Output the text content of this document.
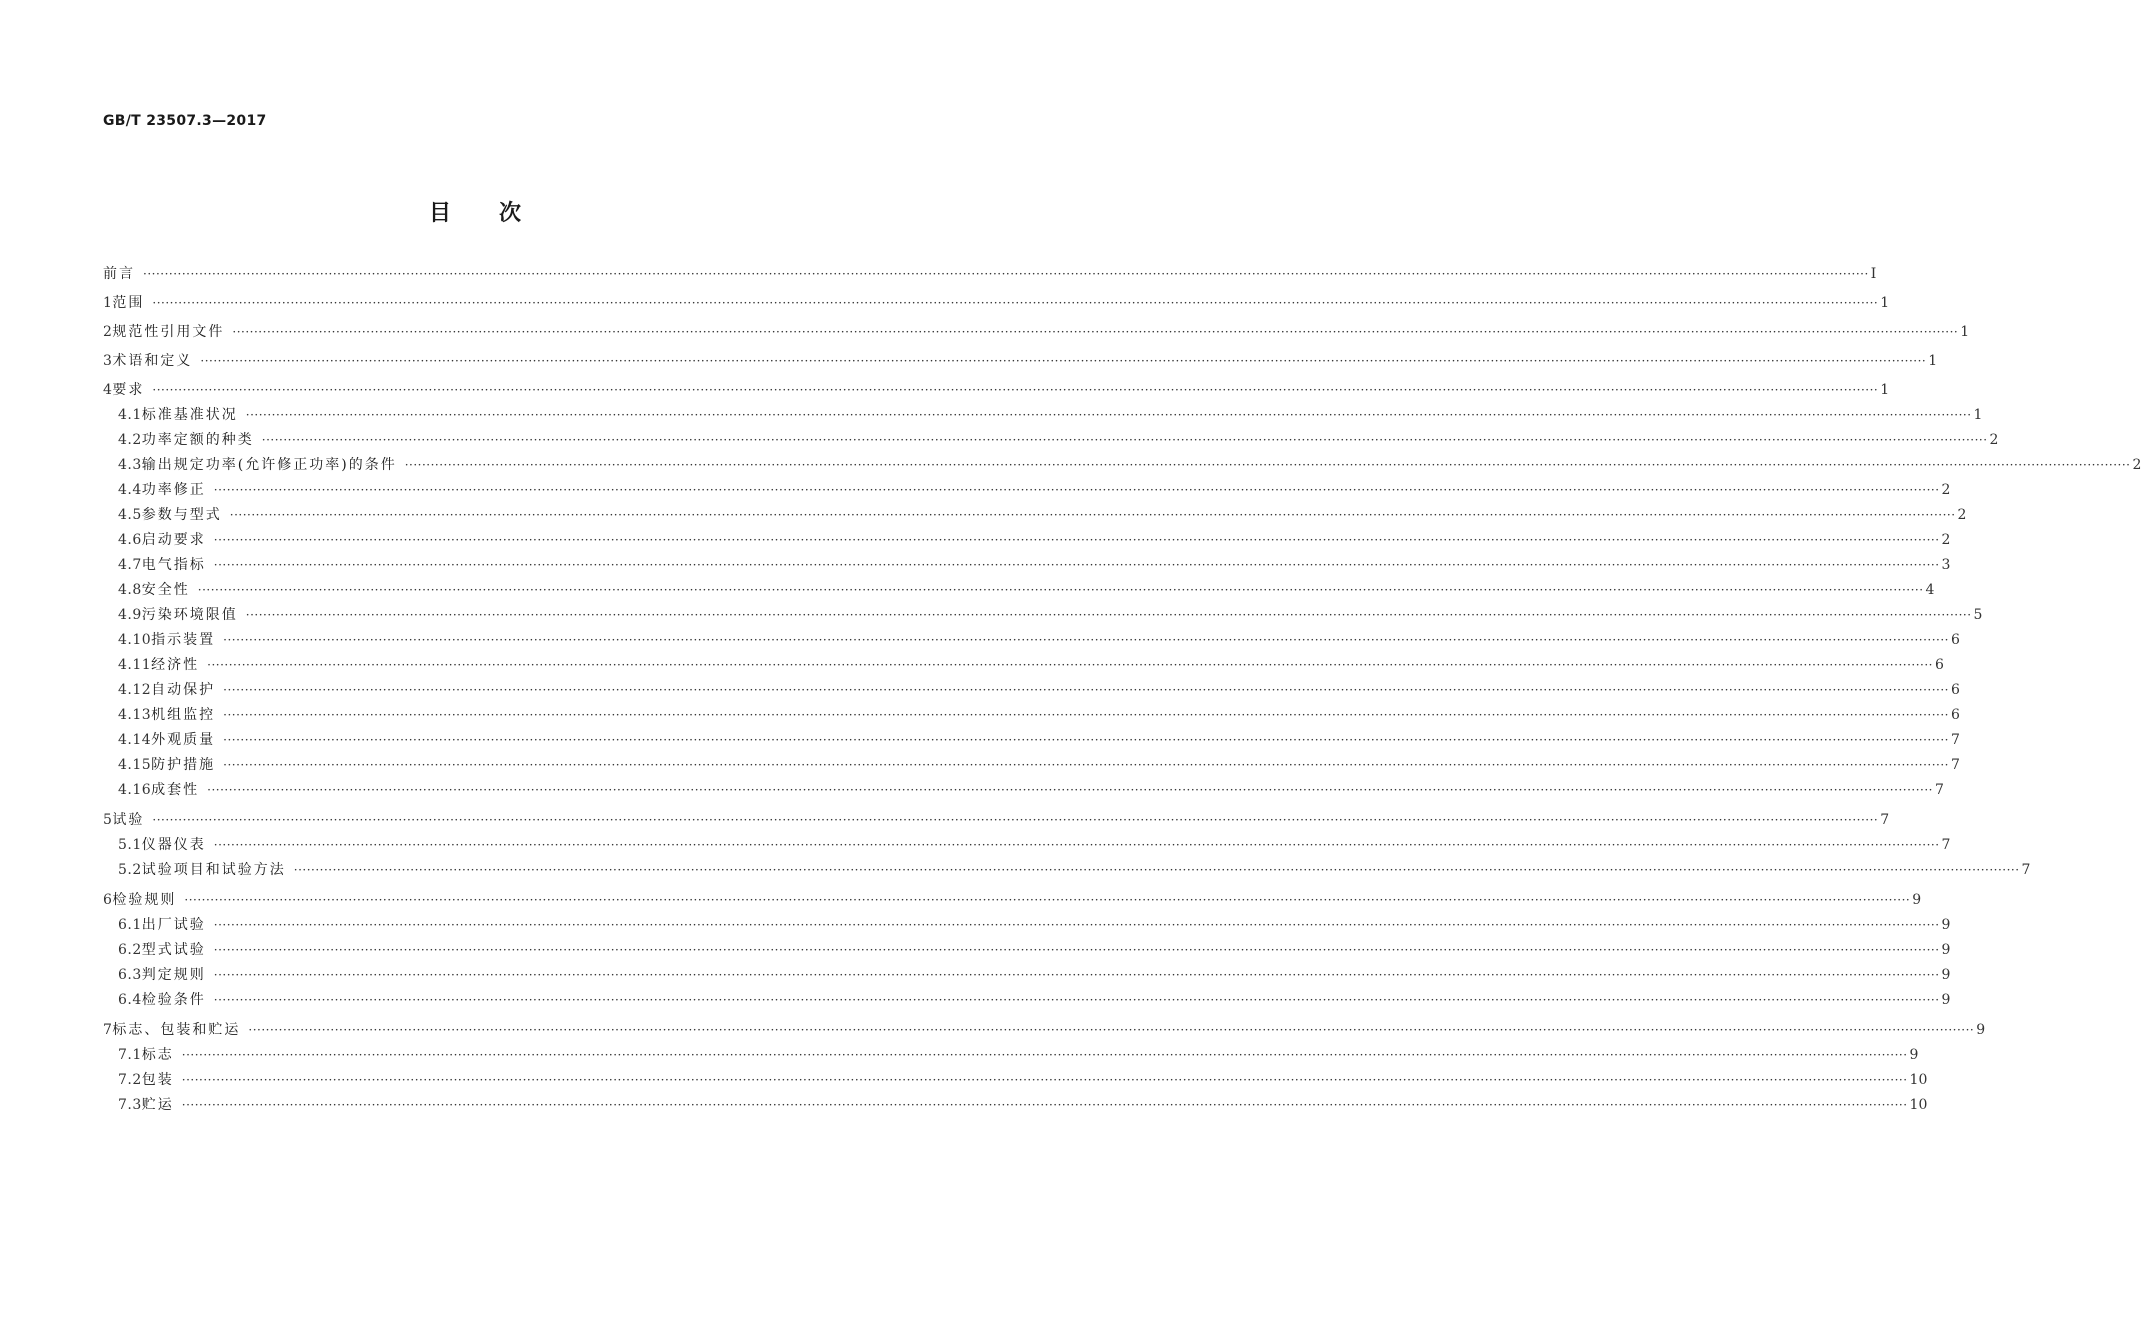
GB/T 23507.3—2017
目次
前言 ················································································································································································································································································································································································································ Ⅰ
1 范围 ················································································································································································································································································································································································································ 1
2 规范性引用文件 ················································································································································································································································································································································································································ 1
3 术语和定义 ················································································································································································································································································································································································································ 1
4 要求 ················································································································································································································································································································································································································ 1
4.1 标准基准状况 ················································································································································································································································································································································································································ 1
4.2 功率定额的种类 ················································································································································································································································································································································································································ 2
4.3 输出规定功率(允许修正功率)的条件 ················································································································································································································································································································································································································ 2
4.4 功率修正 ················································································································································································································································································································································································································ 2
4.5 参数与型式 ················································································································································································································································································································································································································ 2
4.6 启动要求 ················································································································································································································································································································································································································ 2
4.7 电气指标 ················································································································································································································································································································································································································ 3
4.8 安全性 ················································································································································································································································································································································································································ 4
4.9 污染环境限值 ················································································································································································································································································································································································································ 5
4.10 指示装置 ················································································································································································································································································································································································································ 6
4.11 经济性 ················································································································································································································································································································································································································ 6
4.12 自动保护 ················································································································································································································································································································································································································ 6
4.13 机组监控 ················································································································································································································································································································································································································ 6
4.14 外观质量 ················································································································································································································································································································································································································ 7
4.15 防护措施 ················································································································································································································································································································································································································ 7
4.16 成套性 ················································································································································································································································································································································································································ 7
5 试验 ················································································································································································································································································································································································································ 7
5.1 仪器仪表 ················································································································································································································································································································································································································ 7
5.2 试验项目和试验方法 ················································································································································································································································································································································································································ 7
6 检验规则 ················································································································································································································································································································································································································ 9
6.1 出厂试验 ················································································································································································································································································································································································································ 9
6.2 型式试验 ················································································································································································································································································································································································································ 9
6.3 判定规则 ················································································································································································································································································································································································································ 9
6.4 检验条件 ················································································································································································································································································································································································································ 9
7 标志、包装和贮运 ················································································································································································································································································································································································································ 9
7.1 标志 ················································································································································································································································································································································································································ 9
7.2 包装 ················································································································································································································································································································································································································ 10
7.3 贮运 ················································································································································································································································································································································································································ 10
